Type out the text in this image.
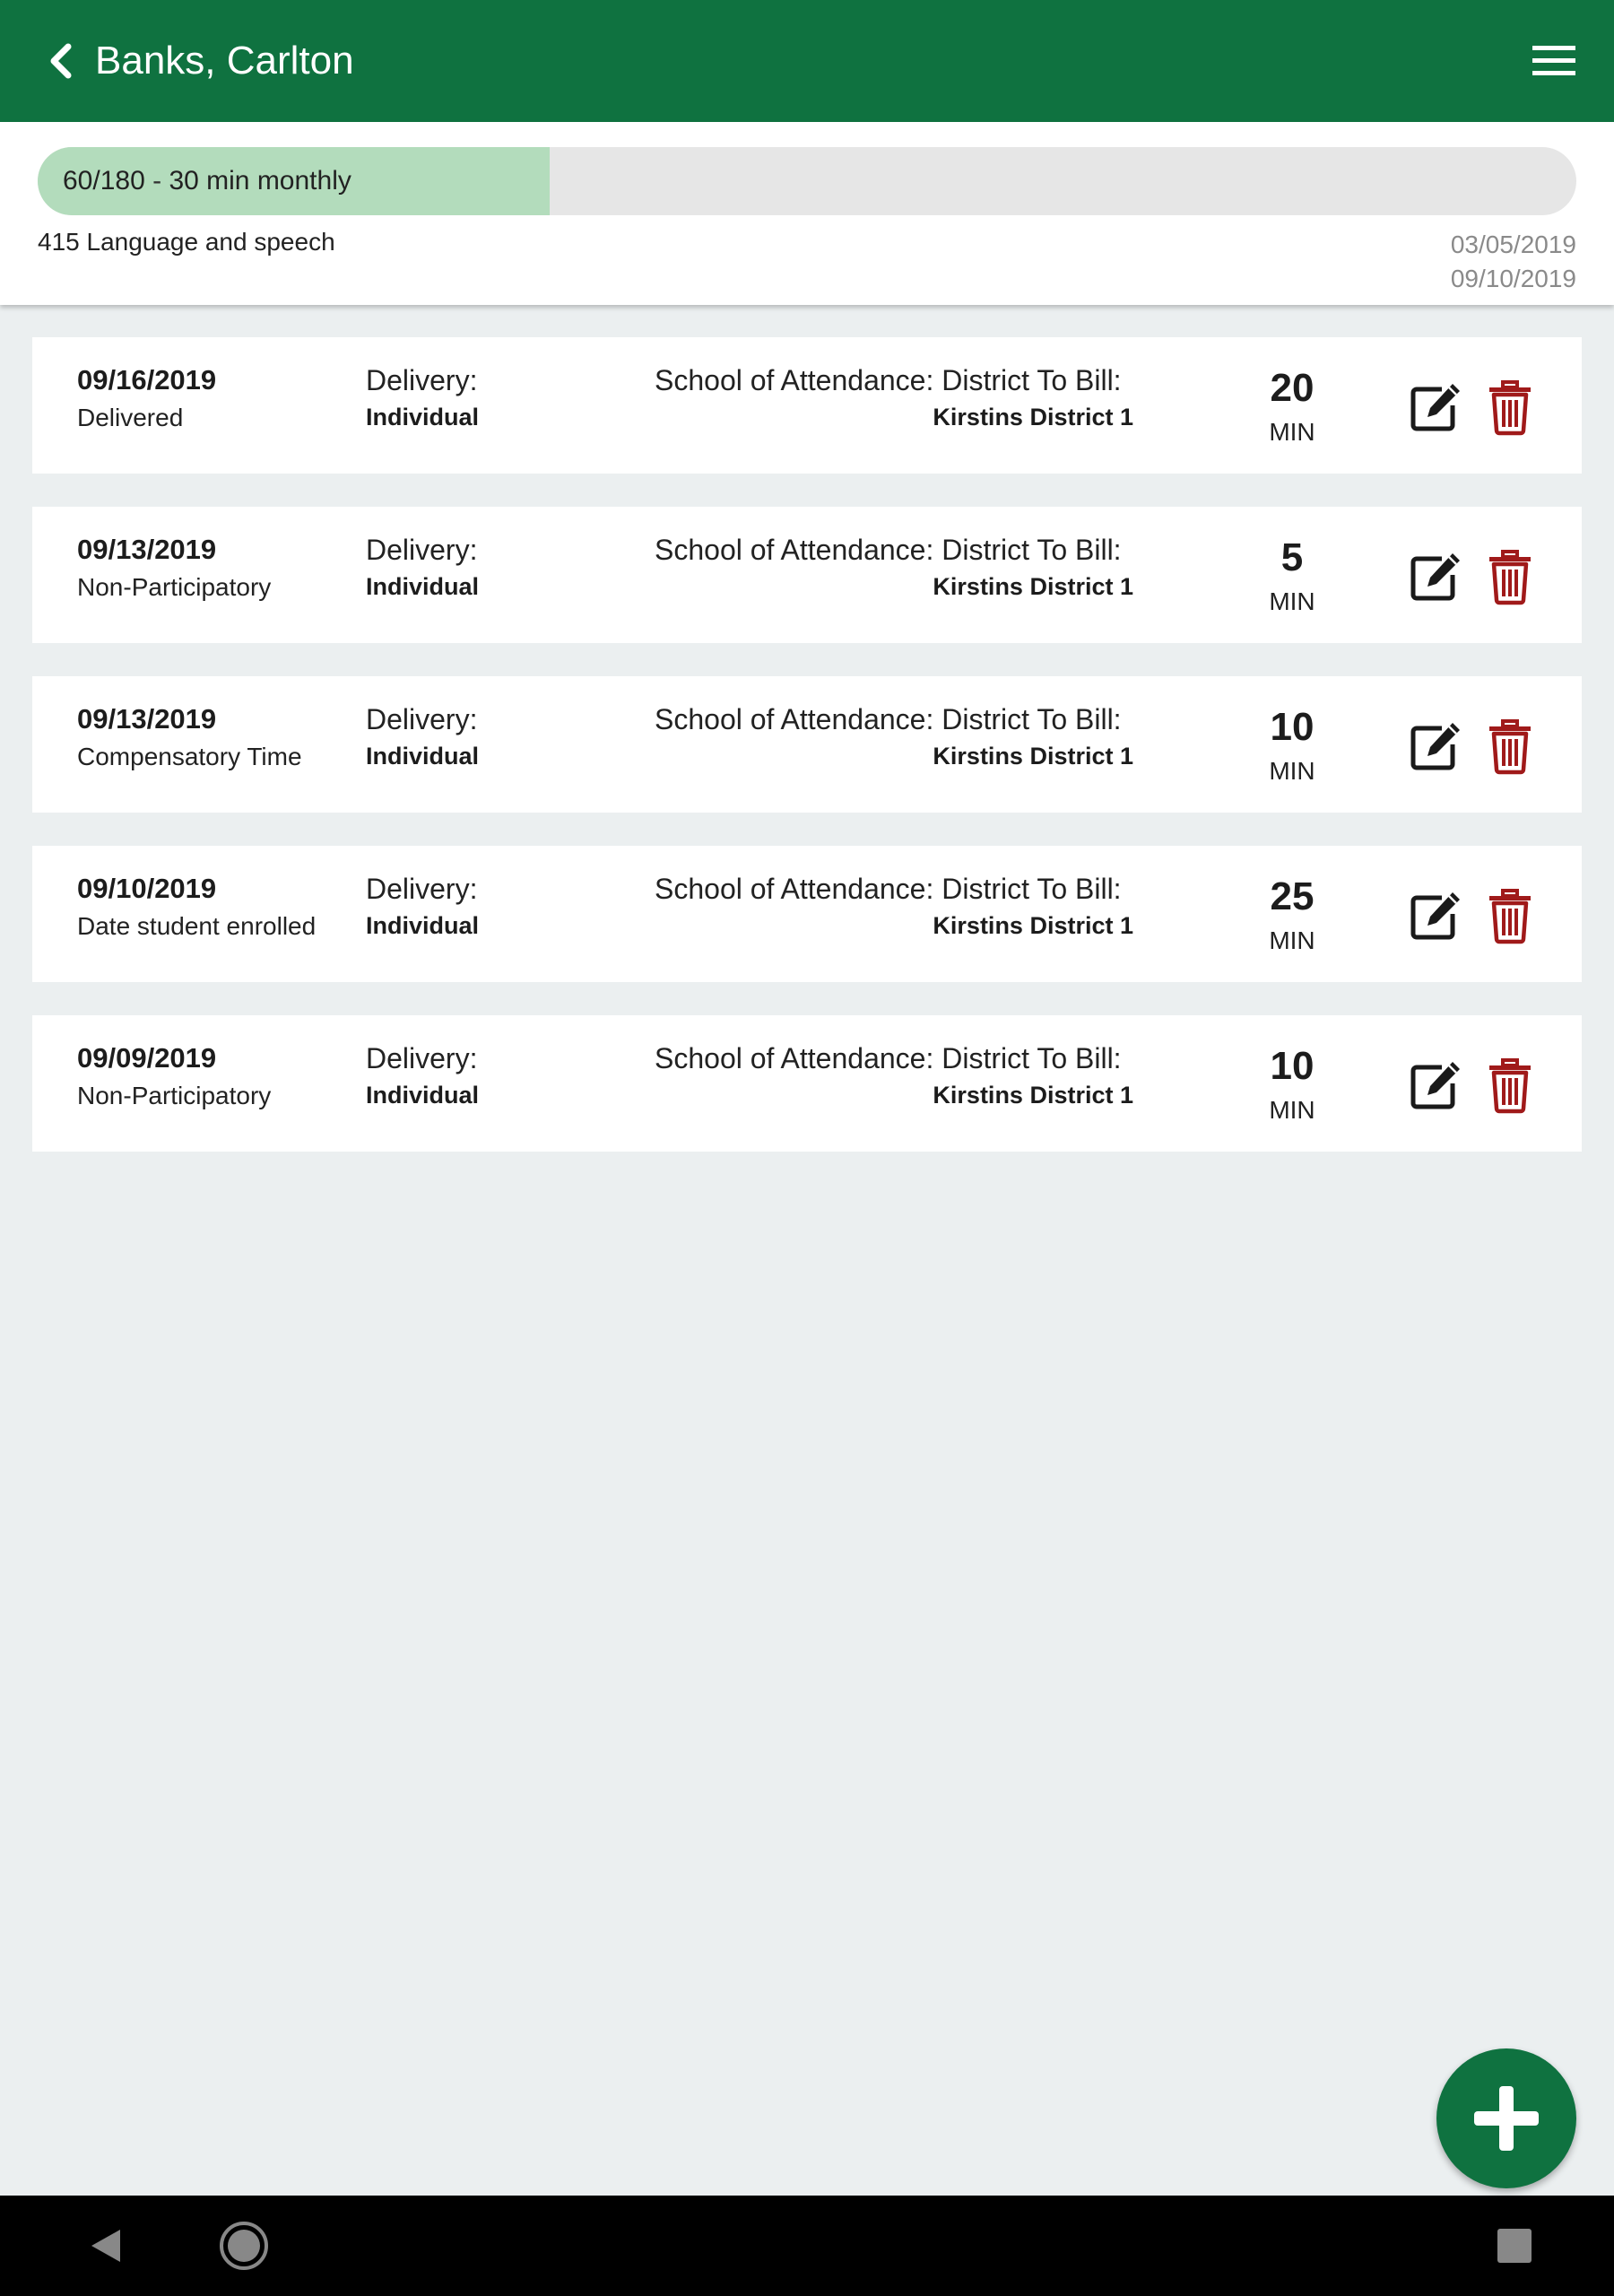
Banks, Carlton
60/180 - 30 min monthly
415 Language and speech	03/05/2019
09/10/2019
09/16/2019
Delivered
Delivery:
Individual
School of Attendance: District To Bill:
Kirstins District 1
20
MIN
09/13/2019
Non-Participatory
Delivery:
Individual
School of Attendance: District To Bill:
Kirstins District 1
5
MIN
09/13/2019
Compensatory Time
Delivery:
Individual
School of Attendance: District To Bill:
Kirstins District 1
10
MIN
09/10/2019
Date student enrolled
Delivery:
Individual
School of Attendance: District To Bill:
Kirstins District 1
25
MIN
09/09/2019
Non-Participatory
Delivery:
Individual
School of Attendance: District To Bill:
Kirstins District 1
10
MIN
